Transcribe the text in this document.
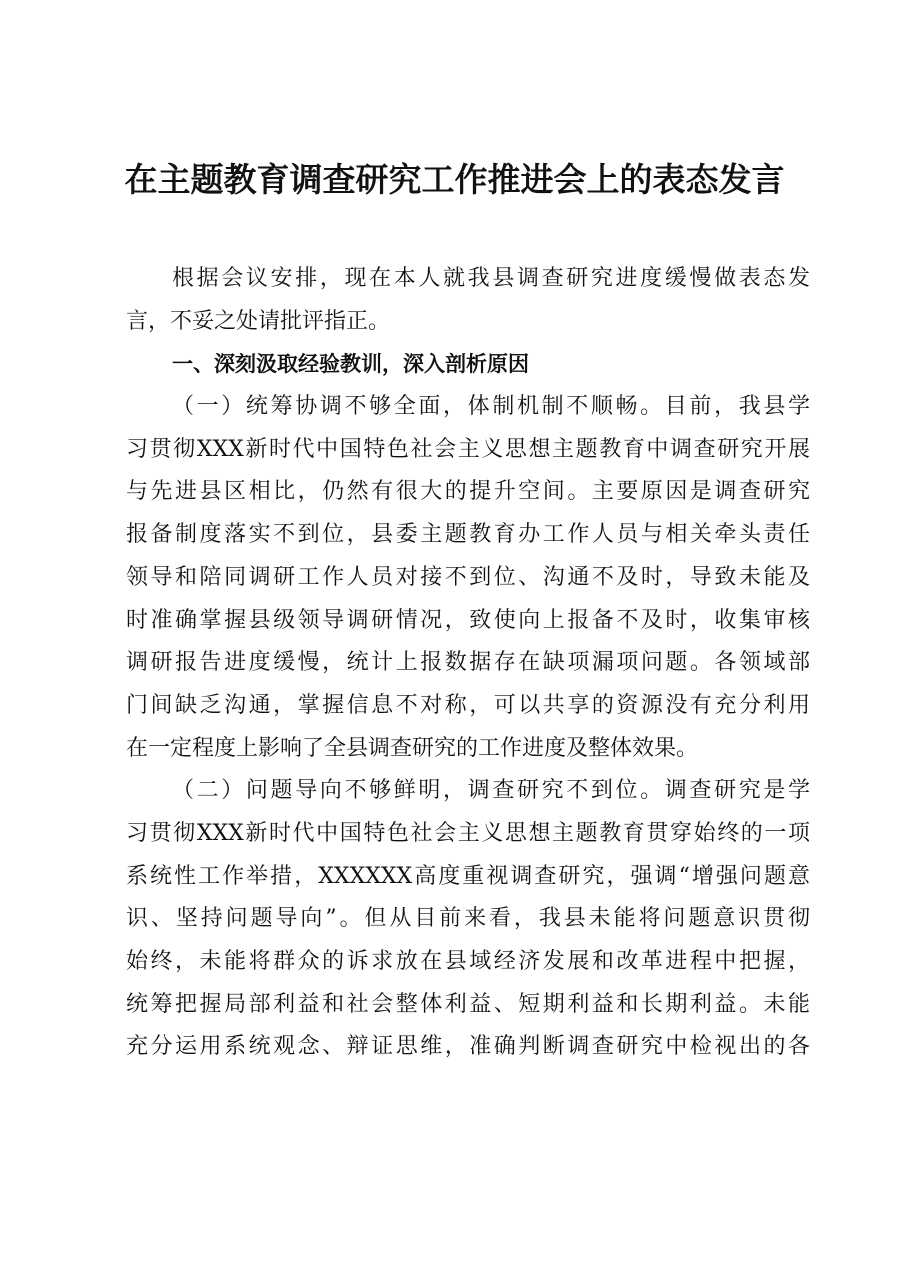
在主题教育调查研究工作推进会上的表态发言
根据会议安排，现在本人就我县调查研究进度缓慢做表态发
言，不妥之处请批评指正。
一、深刻汲取经验教训，深入剖析原因
（一）统筹协调不够全面，体制机制不顺畅。目前，我县学
习贯彻XXX新时代中国特色社会主义思想主题教育中调查研究开展
与先进县区相比，仍然有很大的提升空间。主要原因是调查研究
报备制度落实不到位，县委主题教育办工作人员与相关牵头责任
领导和陪同调研工作人员对接不到位、沟通不及时，导致未能及
时准确掌握县级领导调研情况，致使向上报备不及时，收集审核
调研报告进度缓慢，统计上报数据存在缺项漏项问题。各领域部
门间缺乏沟通，掌握信息不对称，可以共享的资源没有充分利用
在一定程度上影响了全县调查研究的工作进度及整体效果。
（二）问题导向不够鲜明，调查研究不到位。调查研究是学
习贯彻XXX新时代中国特色社会主义思想主题教育贯穿始终的一项
系统性工作举措，XXXXXX高度重视调查研究，强调“增强问题意
识、坚持问题导向”。但从目前来看，我县未能将问题意识贯彻
始终，未能将群众的诉求放在县域经济发展和改革进程中把握，
统筹把握局部利益和社会整体利益、短期利益和长期利益。未能
充分运用系统观念、辩证思维，准确判断调查研究中检视出的各
